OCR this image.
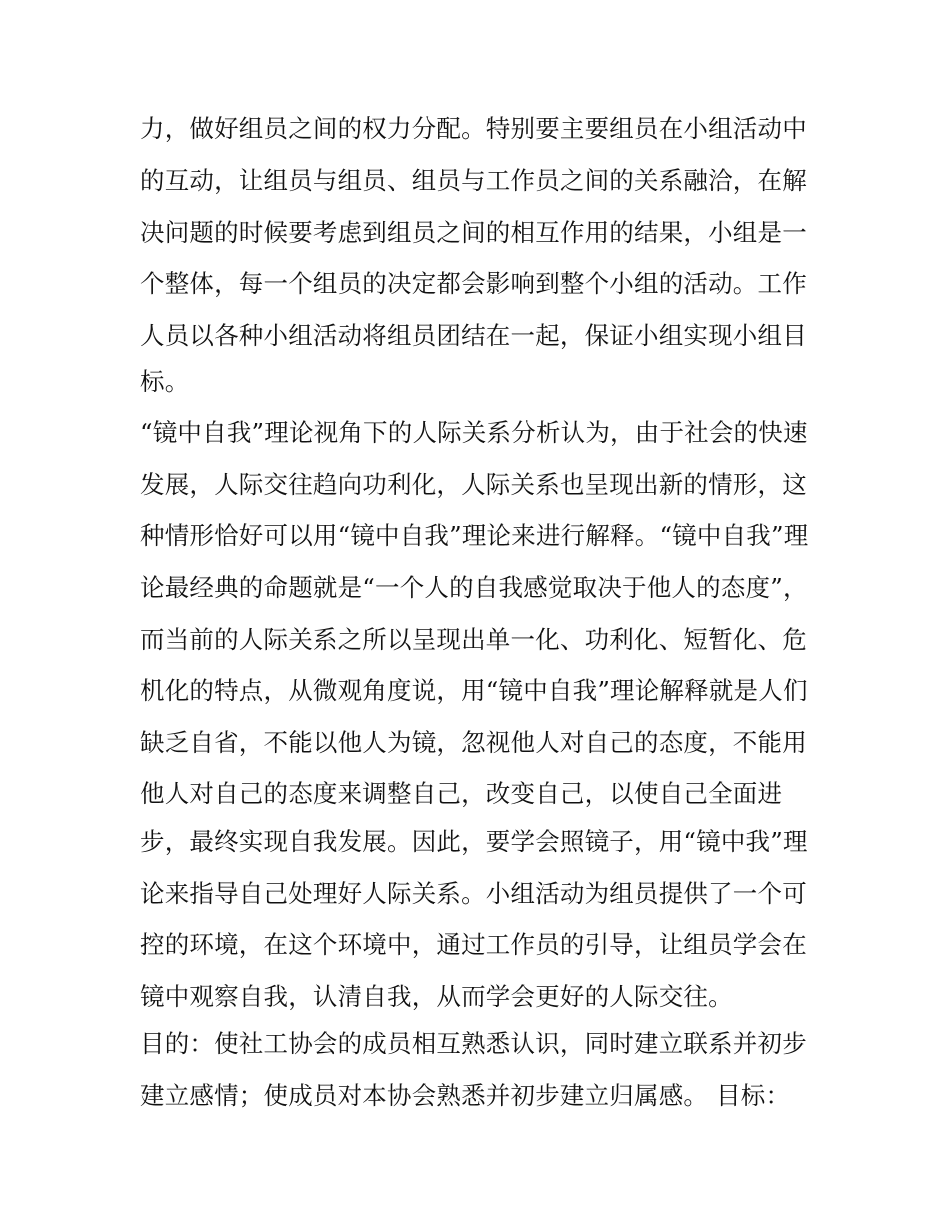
力，做好组员之间的权力分配。特别要主要组员在小组活动中
的互动，让组员与组员、组员与工作员之间的关系融洽，在解
决问题的时候要考虑到组员之间的相互作用的结果，小组是一
个整体，每一个组员的决定都会影响到整个小组的活动。工作
人员以各种小组活动将组员团结在一起，保证小组实现小组目
标。
“镜中自我”理论视角下的人际关系分析认为，由于社会的快速
发展，人际交往趋向功利化，人际关系也呈现出新的情形，这
种情形恰好可以用“镜中自我”理论来进行解释。“镜中自我”理
论最经典的命题就是“一个人的自我感觉取决于他人的态度”，
而当前的人际关系之所以呈现出单一化、功利化、短暂化、危
机化的特点，从微观角度说，用“镜中自我”理论解释就是人们
缺乏自省，不能以他人为镜，忽视他人对自己的态度，不能用
他人对自己的态度来调整自己，改变自己，以使自己全面进
步，最终实现自我发展。因此，要学会照镜子，用“镜中我”理
论来指导自己处理好人际关系。小组活动为组员提供了一个可
控的环境，在这个环境中，通过工作员的引导，让组员学会在
镜中观察自我，认清自我，从而学会更好的人际交往。
目的：使社工协会的成员相互熟悉认识，同时建立联系并初步
建立感情；使成员对本协会熟悉并初步建立归属感。 目标：
